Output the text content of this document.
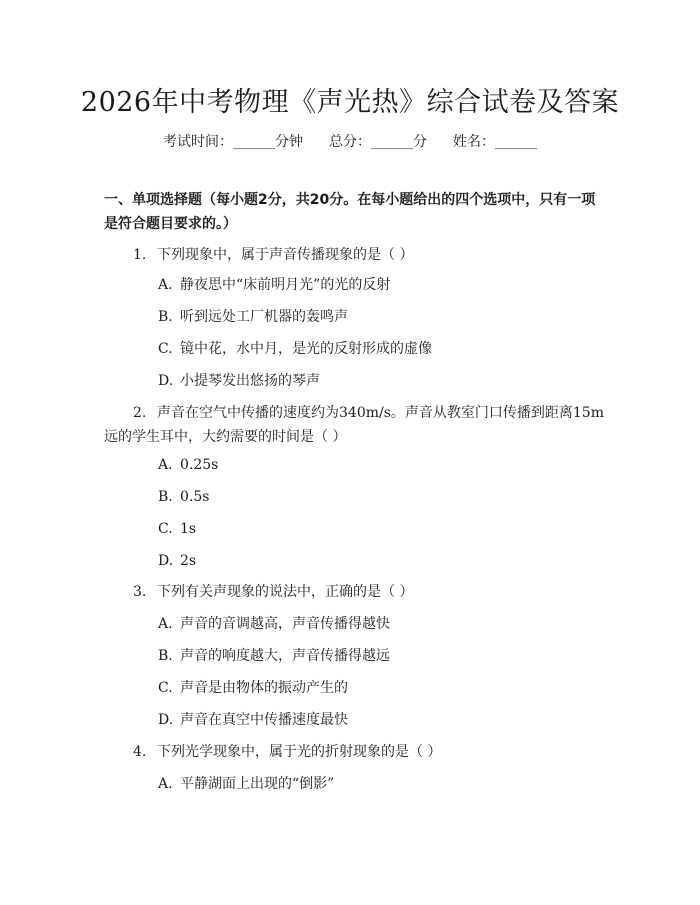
2026年中考物理《声光热》综合试卷及答案
考试时间：______分钟 总分：______分 姓名：______
一、单项选择题（每小题2分，共20分。在每小题给出的四个选项中，只有一项是符合题目要求的。）
1. 下列现象中，属于声音传播现象的是（ ）
A. 静夜思中“床前明月光”的光的反射
B. 听到远处工厂机器的轰鸣声
C. 镜中花，水中月，是光的反射形成的虚像
D. 小提琴发出悠扬的琴声
2. 声音在空气中传播的速度约为340m/s。声音从教室门口传播到距离15m远的学生耳中，大约需要的时间是（ ）
A. 0.25s
B. 0.5s
C. 1s
D. 2s
3. 下列有关声现象的说法中，正确的是（ ）
A. 声音的音调越高，声音传播得越快
B. 声音的响度越大，声音传播得越远
C. 声音是由物体的振动产生的
D. 声音在真空中传播速度最快
4. 下列光学现象中，属于光的折射现象的是（ ）
A. 平静湖面上出现的“倒影”
